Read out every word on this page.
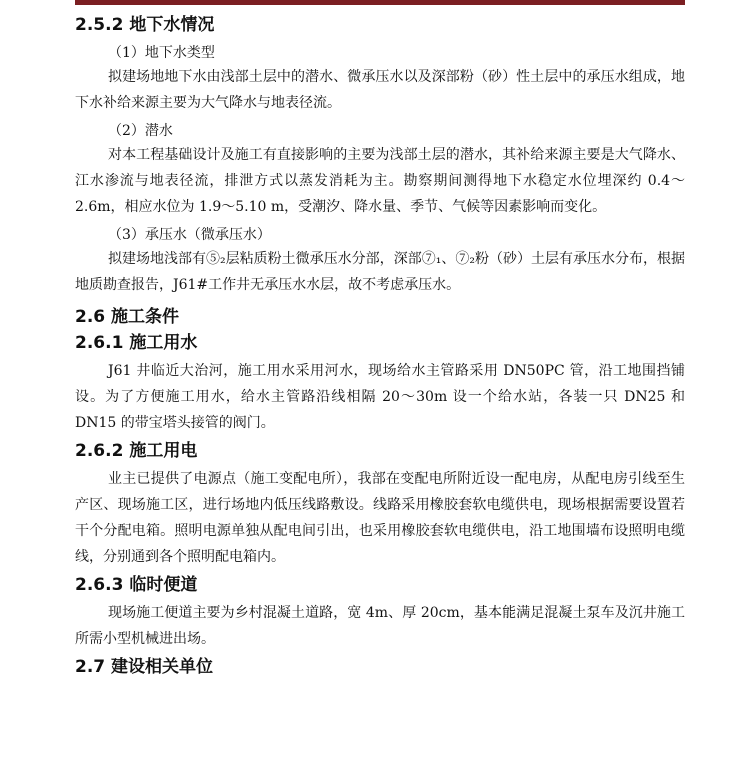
2.5.2 地下水情况
（1）地下水类型

拟建场地地下水由浅部土层中的潜水、微承压水以及深部粉（砂）性土层中的承压水组成，地下水补给来源主要为大气降水与地表径流。

（2）潜水

对本工程基础设计及施工有直接影响的主要为浅部土层的潜水，其补给来源主要是大气降水、江水渗流与地表径流，排泄方式以蒸发消耗为主。勘察期间测得地下水稳定水位埋深约 0.4～2.6m，相应水位为 1.9～5.10 m，受潮汐、降水量、季节、气候等因素影响而变化。

（3）承压水（微承压水）

拟建场地浅部有⑤₂层粘质粉土微承压水分部，深部⑦₁、⑦₂粉（砂）土层有承压水分布，根据地质勘查报告，J61#工作井无承压水水层，故不考虑承压水。

2.6 施工条件
2.6.1 施工用水

J61 井临近大治河，施工用水采用河水，现场给水主管路采用 DN50PC 管，沿工地围挡铺设。为了方便施工用水，给水主管路沿线相隔 20～30m 设一个给水站，各装一只 DN25 和 DN15 的带宝塔头接管的阀门。

2.6.2 施工用电

业主已提供了电源点（施工变配电所），我部在变配电所附近设一配电房，从配电房引线至生产区、现场施工区，进行场地内低压线路敷设。线路采用橡胶套软电缆供电，现场根据需要设置若干个分配电箱。照明电源单独从配电间引出，也采用橡胶套软电缆供电，沿工地围墙布设照明电缆线，分别通到各个照明配电箱内。

2.6.3 临时便道

现场施工便道主要为乡村混凝土道路，宽 4m、厚 20cm，基本能满足混凝土泵车及沉井施工所需小型机械进出场。

2.7 建设相关单位
